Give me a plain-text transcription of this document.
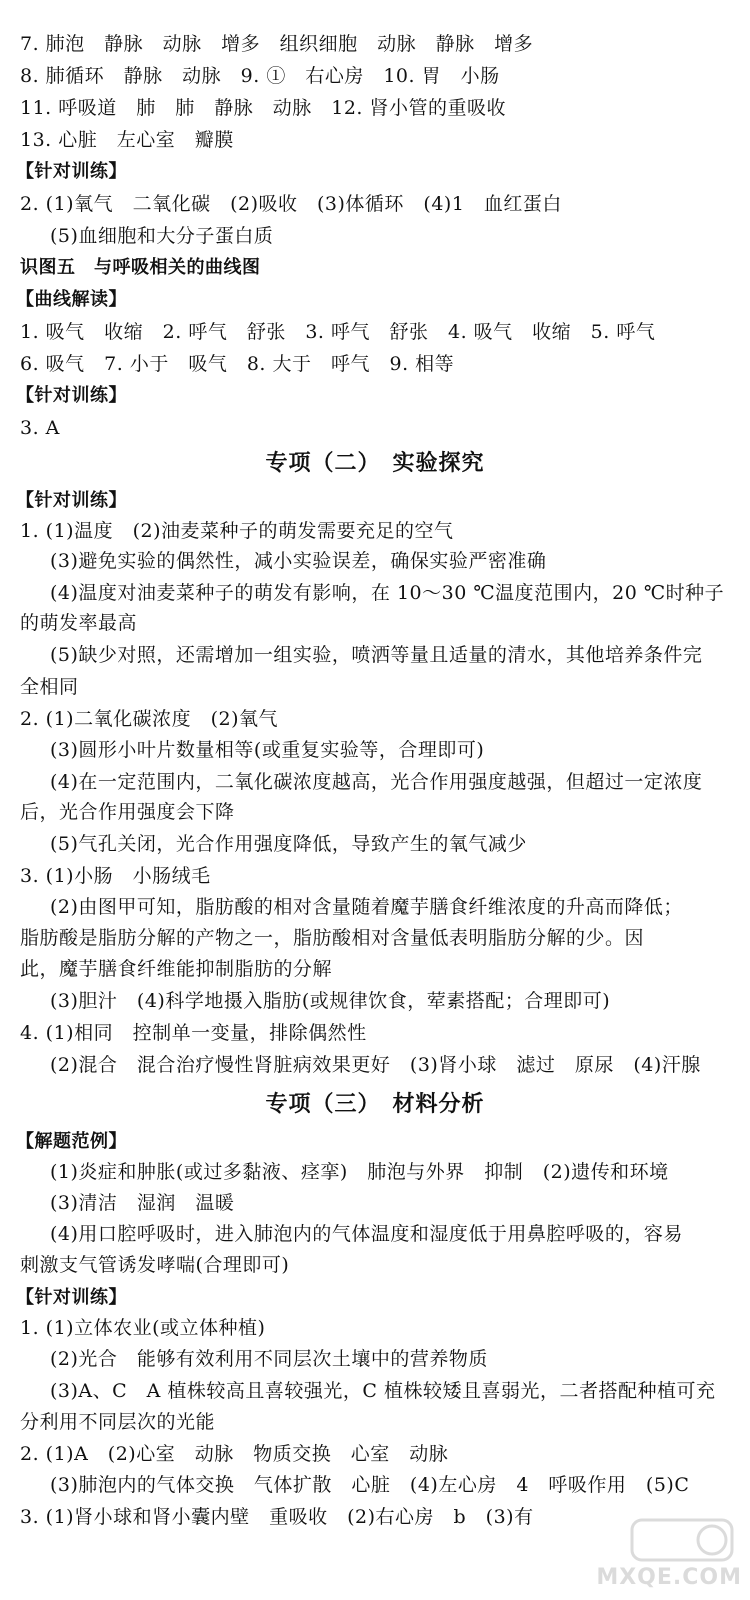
7. 肺泡　静脉　动脉　增多　组织细胞　动脉　静脉　增多
8. 肺循环　静脉　动脉　9. ①　右心房　10. 胃　小肠
11. 呼吸道　肺　肺　静脉　动脉　12. 肾小管的重吸收
13. 心脏　左心室　瓣膜
【针对训练】
2. (1)氧气　二氧化碳　(2)吸收　(3)体循环　(4)1　血红蛋白
(5)血细胞和大分子蛋白质
识图五　与呼吸相关的曲线图
【曲线解读】
1. 吸气　收缩　2. 呼气　舒张　3. 呼气　舒张　4. 吸气　收缩　5. 呼气
6. 吸气　7. 小于　吸气　8. 大于　呼气　9. 相等
【针对训练】
3. A
专项（二）　实验探究
【针对训练】
1. (1)温度　(2)油麦菜种子的萌发需要充足的空气
(3)避免实验的偶然性，减小实验误差，确保实验严密准确
(4)温度对油麦菜种子的萌发有影响，在 10～30 ℃温度范围内，20 ℃时种子
的萌发率最高
(5)缺少对照，还需增加一组实验，喷洒等量且适量的清水，其他培养条件完
全相同
2. (1)二氧化碳浓度　(2)氧气
(3)圆形小叶片数量相等(或重复实验等，合理即可)
(4)在一定范围内，二氧化碳浓度越高，光合作用强度越强，但超过一定浓度
后，光合作用强度会下降
(5)气孔关闭，光合作用强度降低，导致产生的氧气减少
3. (1)小肠　小肠绒毛
(2)由图甲可知，脂肪酸的相对含量随着魔芋膳食纤维浓度的升高而降低；
脂肪酸是脂肪分解的产物之一，脂肪酸相对含量低表明脂肪分解的少。因
此，魔芋膳食纤维能抑制脂肪的分解
(3)胆汁　(4)科学地摄入脂肪(或规律饮食，荤素搭配；合理即可)
4. (1)相同　控制单一变量，排除偶然性
(2)混合　混合治疗慢性肾脏病效果更好　(3)肾小球　滤过　原尿　(4)汗腺
专项（三）　材料分析
【解题范例】
(1)炎症和肿胀(或过多黏液、痉挛)　肺泡与外界　抑制　(2)遗传和环境
(3)清洁　湿润　温暖
(4)用口腔呼吸时，进入肺泡内的气体温度和湿度低于用鼻腔呼吸的，容易
刺激支气管诱发哮喘(合理即可)
【针对训练】
1. (1)立体农业(或立体种植)
(2)光合　能够有效利用不同层次土壤中的营养物质
(3)A、C　A 植株较高且喜较强光，C 植株较矮且喜弱光，二者搭配种植可充
分利用不同层次的光能
2. (1)A　(2)心室　动脉　物质交换　心室　动脉
(3)肺泡内的气体交换　气体扩散　心脏　(4)左心房　4　呼吸作用　(5)C
3. (1)肾小球和肾小囊内壁　重吸收　(2)右心房　b　(3)有
MXQE.COM
